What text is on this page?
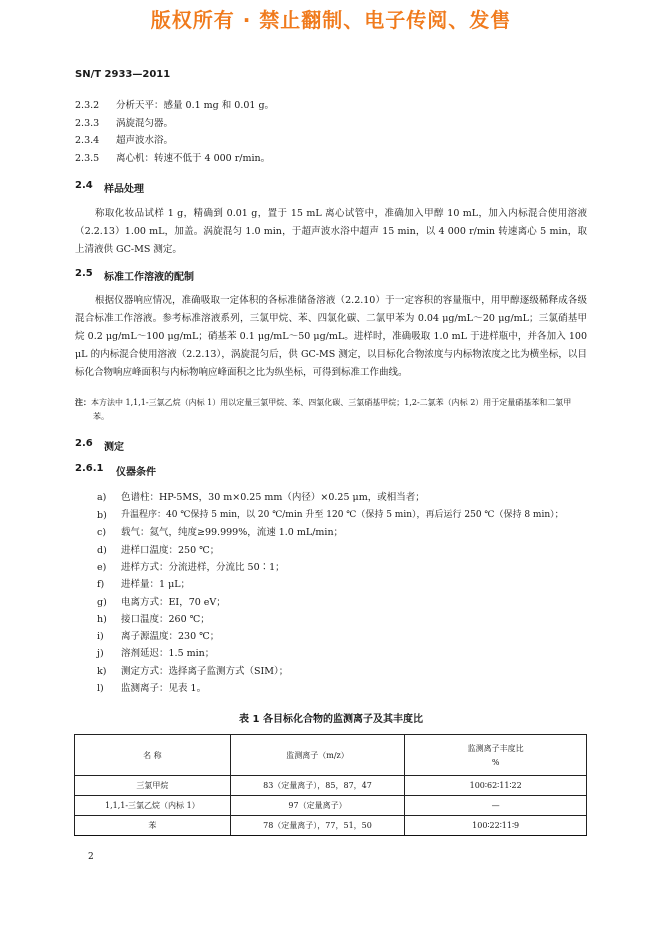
版权所有 · 禁止翻制、电子传阅、发售
SN/T 2933—2011
2.3.2 分析天平：感量 0.1 mg 和 0.01 g。
2.3.3 涡旋混匀器。
2.3.4 超声波水浴。
2.3.5 离心机：转速不低于 4 000 r/min。
2.4 样品处理
称取化妆品试样 1 g，精确到 0.01 g，置于 15 mL 离心试管中，准确加入甲醇 10 mL，加入内标混合使用溶液（2.2.13）1.00 mL，加盖。涡旋混匀 1.0 min，于超声波水浴中超声 15 min，以 4 000 r/min 转速离心 5 min，取上清液供 GC-MS 测定。
2.5 标准工作溶液的配制
根据仪器响应情况，准确吸取一定体积的各标准储备溶液（2.2.10）于一定容积的容量瓶中，用甲醇逐级稀释成各级混合标准工作溶液。参考标准溶液系列，三氯甲烷、苯、四氯化碳、二氯甲苯为 0.04 μg/mL～20 μg/mL；三氯硝基甲烷 0.2 μg/mL～100 μg/mL；硝基苯 0.1 μg/mL～50 μg/mL。进样时，准确吸取 1.0 mL 于进样瓶中，并各加入 100 μL 的内标混合使用溶液（2.2.13），涡旋混匀后，供 GC-MS 测定，以目标化合物浓度与内标物浓度之比为横坐标，以目标化合物响应峰面积与内标物响应峰面积之比为纵坐标，可得到标准工作曲线。
注：本方法中 1,1,1-三氯乙烷（内标 1）用以定量三氯甲烷、苯、四氯化碳、三氯硝基甲烷；1,2-二氯苯（内标 2）用于定量硝基苯和二氯甲苯。
2.6 测定
2.6.1 仪器条件
a) 色谱柱：HP-5MS，30 m×0.25 mm（内径）×0.25 μm，或相当者；
b) 升温程序：40 ℃保持 5 min，以 20 ℃/min 升至 120 ℃（保持 5 min），再后运行 250 ℃（保持 8 min）；
c) 载气：氦气，纯度≥99.999%，流速 1.0 mL/min；
d) 进样口温度：250 ℃；
e) 进样方式：分流进样，分流比 50∶1；
f) 进样量：1 μL；
g) 电离方式：EI，70 eV；
h) 接口温度：260 ℃；
i) 离子源温度：230 ℃；
j) 溶剂延迟：1.5 min；
k) 测定方式：选择离子监测方式（SIM）；
l) 监测离子：见表 1。
表 1 各目标化合物的监测离子及其丰度比
名 称	监测离子（m/z）	监测离子丰度比
%

三氯甲烷	83（定量离子），85，87，47	100∶62∶11∶22
1,1,1-三氯乙烷（内标 1）	97（定量离子）	—
苯	78（定量离子），77，51，50	100∶22∶11∶9
2
